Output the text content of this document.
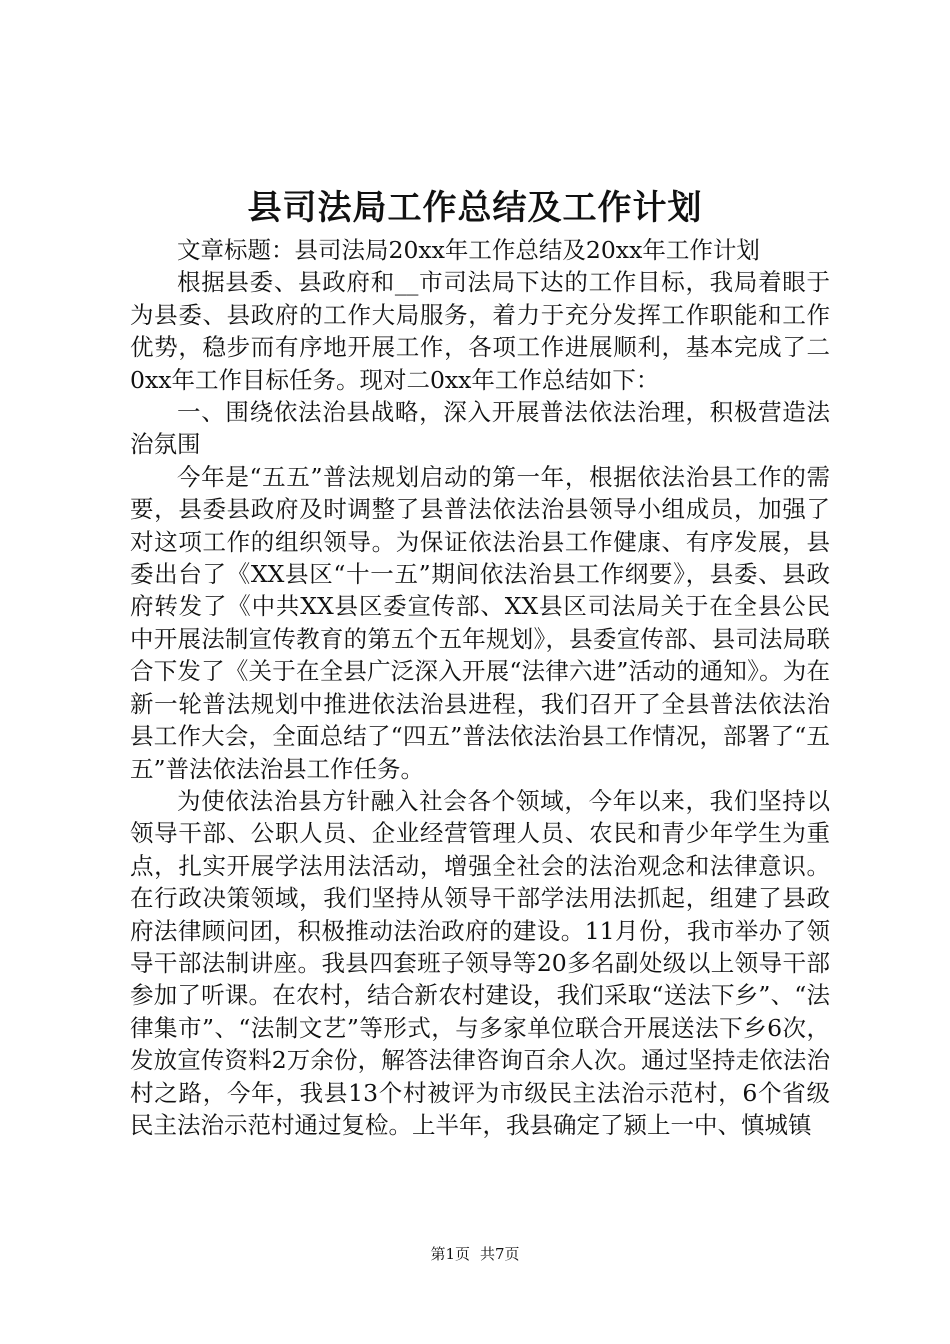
县司法局工作总结及工作计划

文章标题：县司法局20xx年工作总结及20xx年工作计划

根据县委、县政府和__市司法局下达的工作目标，我局着眼于为县委、县政府的工作大局服务，着力于充分发挥工作职能和工作优势，稳步而有序地开展工作，各项工作进展顺利，基本完成了二0xx年工作目标任务。现对二0xx年工作总结如下：

一、围绕依法治县战略，深入开展普法依法治理，积极营造法治氛围

今年是“五五”普法规划启动的第一年，根据依法治县工作的需要，县委县政府及时调整了县普法依法治县领导小组成员，加强了对这项工作的组织领导。为保证依法治县工作健康、有序发展，县委出台了《XX县区“十一五”期间依法治县工作纲要》，县委、县政府转发了《中共XX县区委宣传部、XX县区司法局关于在全县公民中开展法制宣传教育的第五个五年规划》，县委宣传部、县司法局联合下发了《关于在全县广泛深入开展“法律六进”活动的通知》。为在新一轮普法规划中推进依法治县进程，我们召开了全县普法依法治县工作大会，全面总结了“四五”普法依法治县工作情况，部署了“五五”普法依法治县工作任务。

为使依法治县方针融入社会各个领域，今年以来，我们坚持以领导干部、公职人员、企业经营管理人员、农民和青少年学生为重点，扎实开展学法用法活动，增强全社会的法治观念和法律意识。在行政决策领域，我们坚持从领导干部学法用法抓起，组建了县政府法律顾问团，积极推动法治政府的建设。11月份，我市举办了领导干部法制讲座。我县四套班子领导等20多名副处级以上领导干部参加了听课。在农村，结合新农村建设，我们采取“送法下乡”、“法律集市”、“法制文艺”等形式，与多家单位联合开展送法下乡6次，发放宣传资料2万余份，解答法律咨询百余人次。通过坚持走依法治村之路，今年，我县13个村被评为市级民主法治示范村，6个省级民主法治示范村通过复检。上半年，我县确定了颍上一中、慎城镇

第1页 共7页
